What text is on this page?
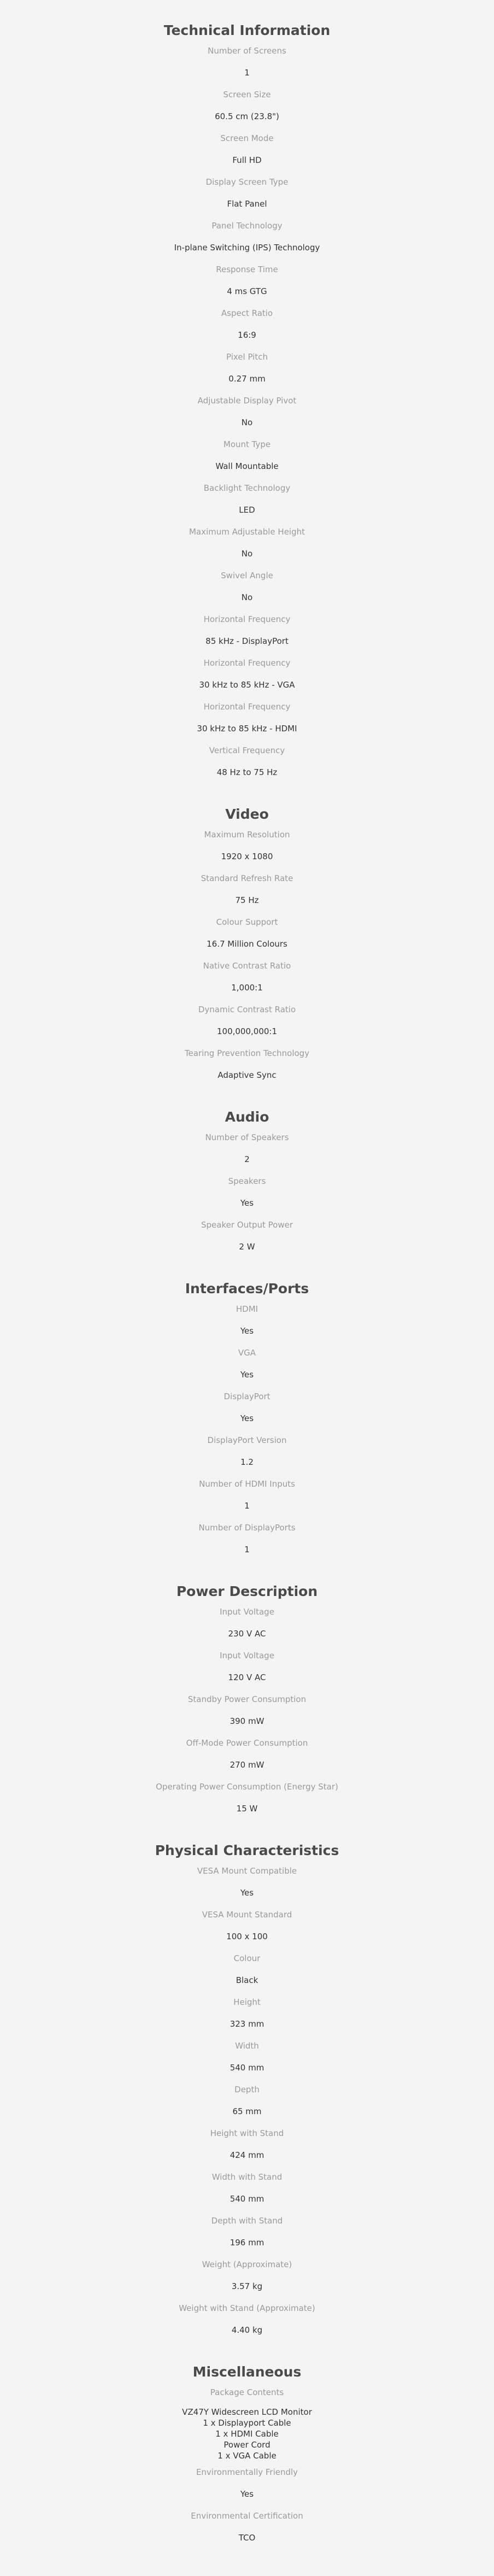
Technical Information
Number of Screens
1
Screen Size
60.5 cm (23.8")
Screen Mode
Full HD
Display Screen Type
Flat Panel
Panel Technology
In-plane Switching (IPS) Technology
Response Time
4 ms GTG
Aspect Ratio
16:9
Pixel Pitch
0.27 mm
Adjustable Display Pivot
No
Mount Type
Wall Mountable
Backlight Technology
LED
Maximum Adjustable Height
No
Swivel Angle
No
Horizontal Frequency
85 kHz - DisplayPort
Horizontal Frequency
30 kHz to 85 kHz - VGA
Horizontal Frequency
30 kHz to 85 kHz - HDMI
Vertical Frequency
48 Hz to 75 Hz
Video
Maximum Resolution
1920 x 1080
Standard Refresh Rate
75 Hz
Colour Support
16.7 Million Colours
Native Contrast Ratio
1,000:1
Dynamic Contrast Ratio
100,000,000:1
Tearing Prevention Technology
Adaptive Sync
Audio
Number of Speakers
2
Speakers
Yes
Speaker Output Power
2 W
Interfaces/Ports
HDMI
Yes
VGA
Yes
DisplayPort
Yes
DisplayPort Version
1.2
Number of HDMI Inputs
1
Number of DisplayPorts
1
Power Description
Input Voltage
230 V AC
Input Voltage
120 V AC
Standby Power Consumption
390 mW
Off-Mode Power Consumption
270 mW
Operating Power Consumption (Energy Star)
15 W
Physical Characteristics
VESA Mount Compatible
Yes
VESA Mount Standard
100 x 100
Colour
Black
Height
323 mm
Width
540 mm
Depth
65 mm
Height with Stand
424 mm
Width with Stand
540 mm
Depth with Stand
196 mm
Weight (Approximate)
3.57 kg
Weight with Stand (Approximate)
4.40 kg
Miscellaneous
Package Contents
VZ47Y Widescreen LCD Monitor
1 x Displayport Cable
1 x HDMI Cable
Power Cord
1 x VGA Cable
Environmentally Friendly
Yes
Environmental Certification
TCO
